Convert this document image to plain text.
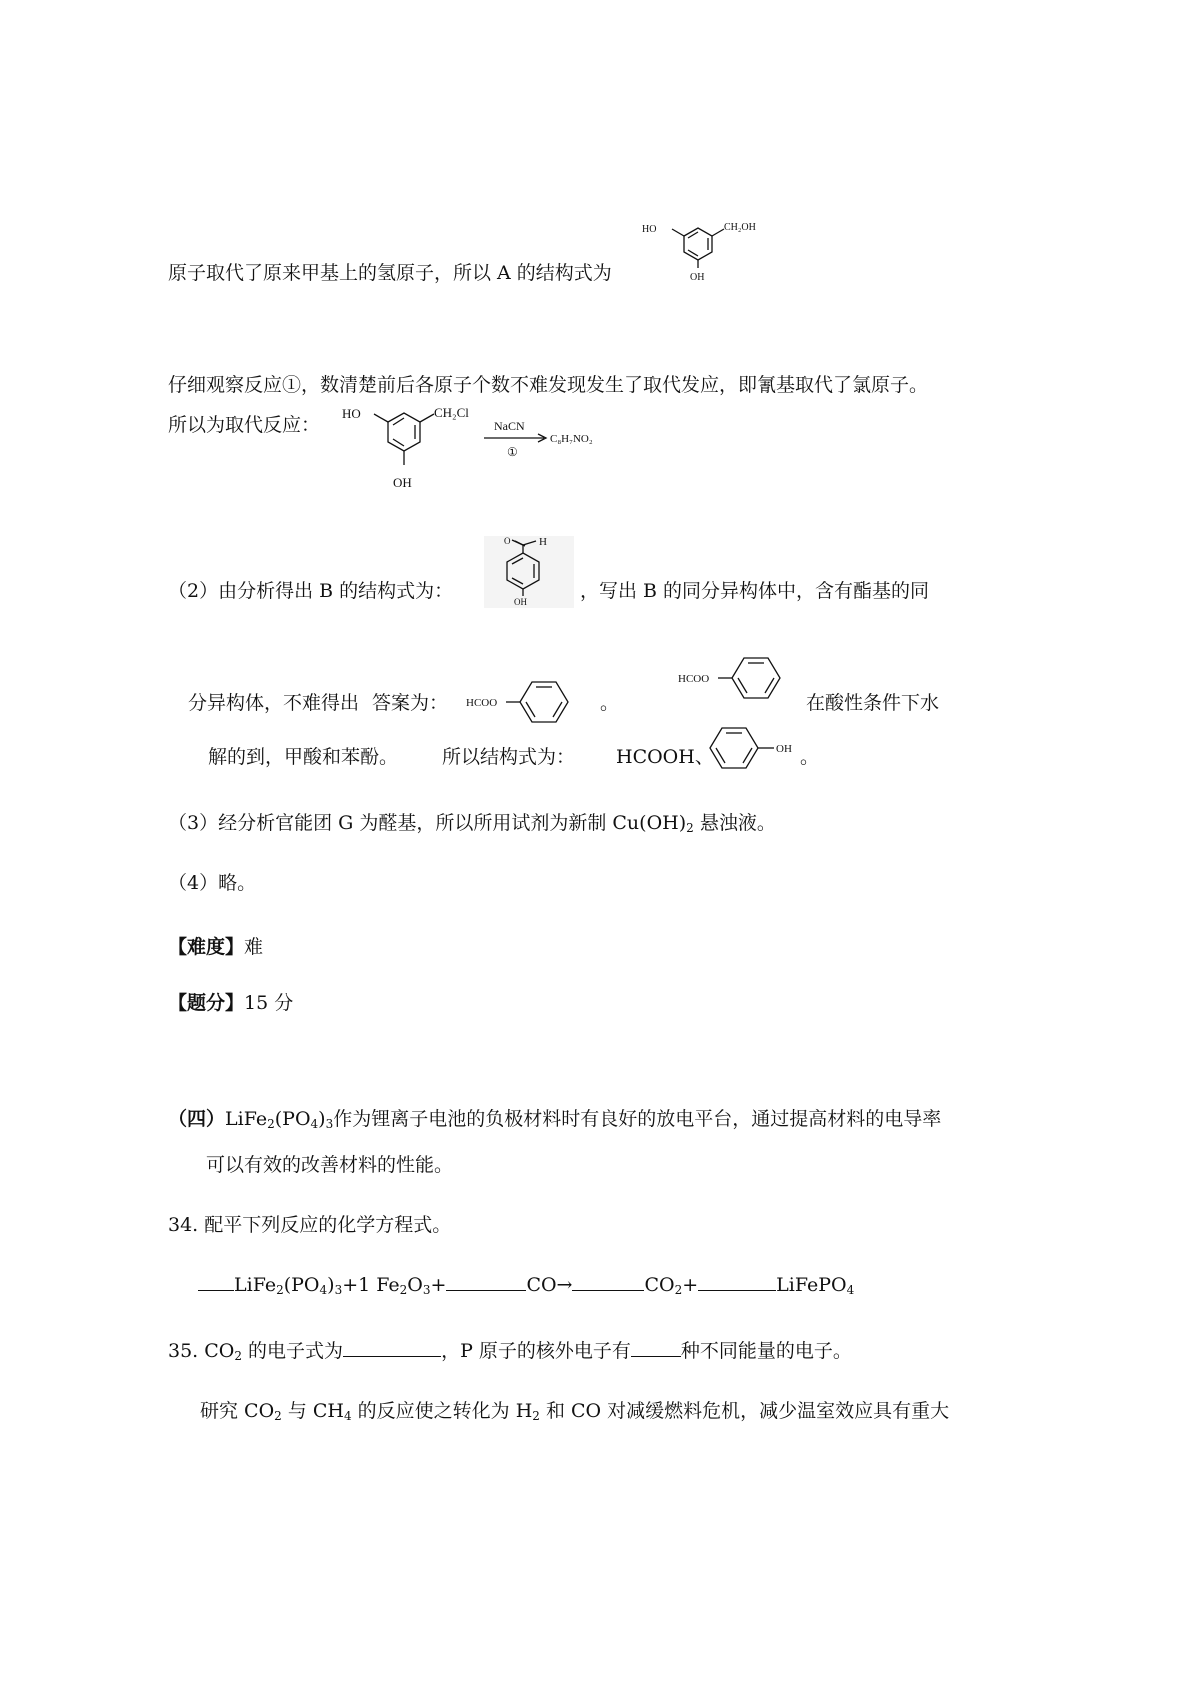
原子取代了原来甲基上的氢原子，所以 A 的结构式为
HO	CH₂OH
OH
仔细观察反应①，数清楚前后各原子个数不难发现发生了取代发应，即氰基取代了氯原子。
所以为取代反应：
HO	CH₂Cl
OH
NaCN
①
C₈H₇NO₂
（2）由分析得出 B 的结构式为：
O	H
OH	，写出 B 的同分异构体中，含有酯基的同
分异构体，不难得出 答案为： HCOO	。
HCOO
在酸性条件下水
解的到，甲酸和苯酚。 所以结构式为： HCOOH、	OH 。
（3）经分析官能团 G 为醛基，所以所用试剂为新制 $Cu(OH)_2$ 悬浊液。
（4）略。
【难度】难
【题分】15 分
（四）$LiFe_2(PO_4)_3$作为锂离子电池的负极材料时有良好的放电平台，通过提高材料的电导率
可以有效的改善材料的性能。
34. 配平下列反应的化学方程式。
$LiFe_2(PO_4)_3+1$ $Fe_2O_3+$	CO→	$CO_2+$	LiFePO$_4$
35. $CO_2$ 的电子式为	，P 原子的核外电子有	种不同能量的电子。
研究 $CO_2$ 与 $CH_4$ 的反应使之转化为 $H_2$ 和 CO 对减缓燃料危机，减少温室效应具有重大
